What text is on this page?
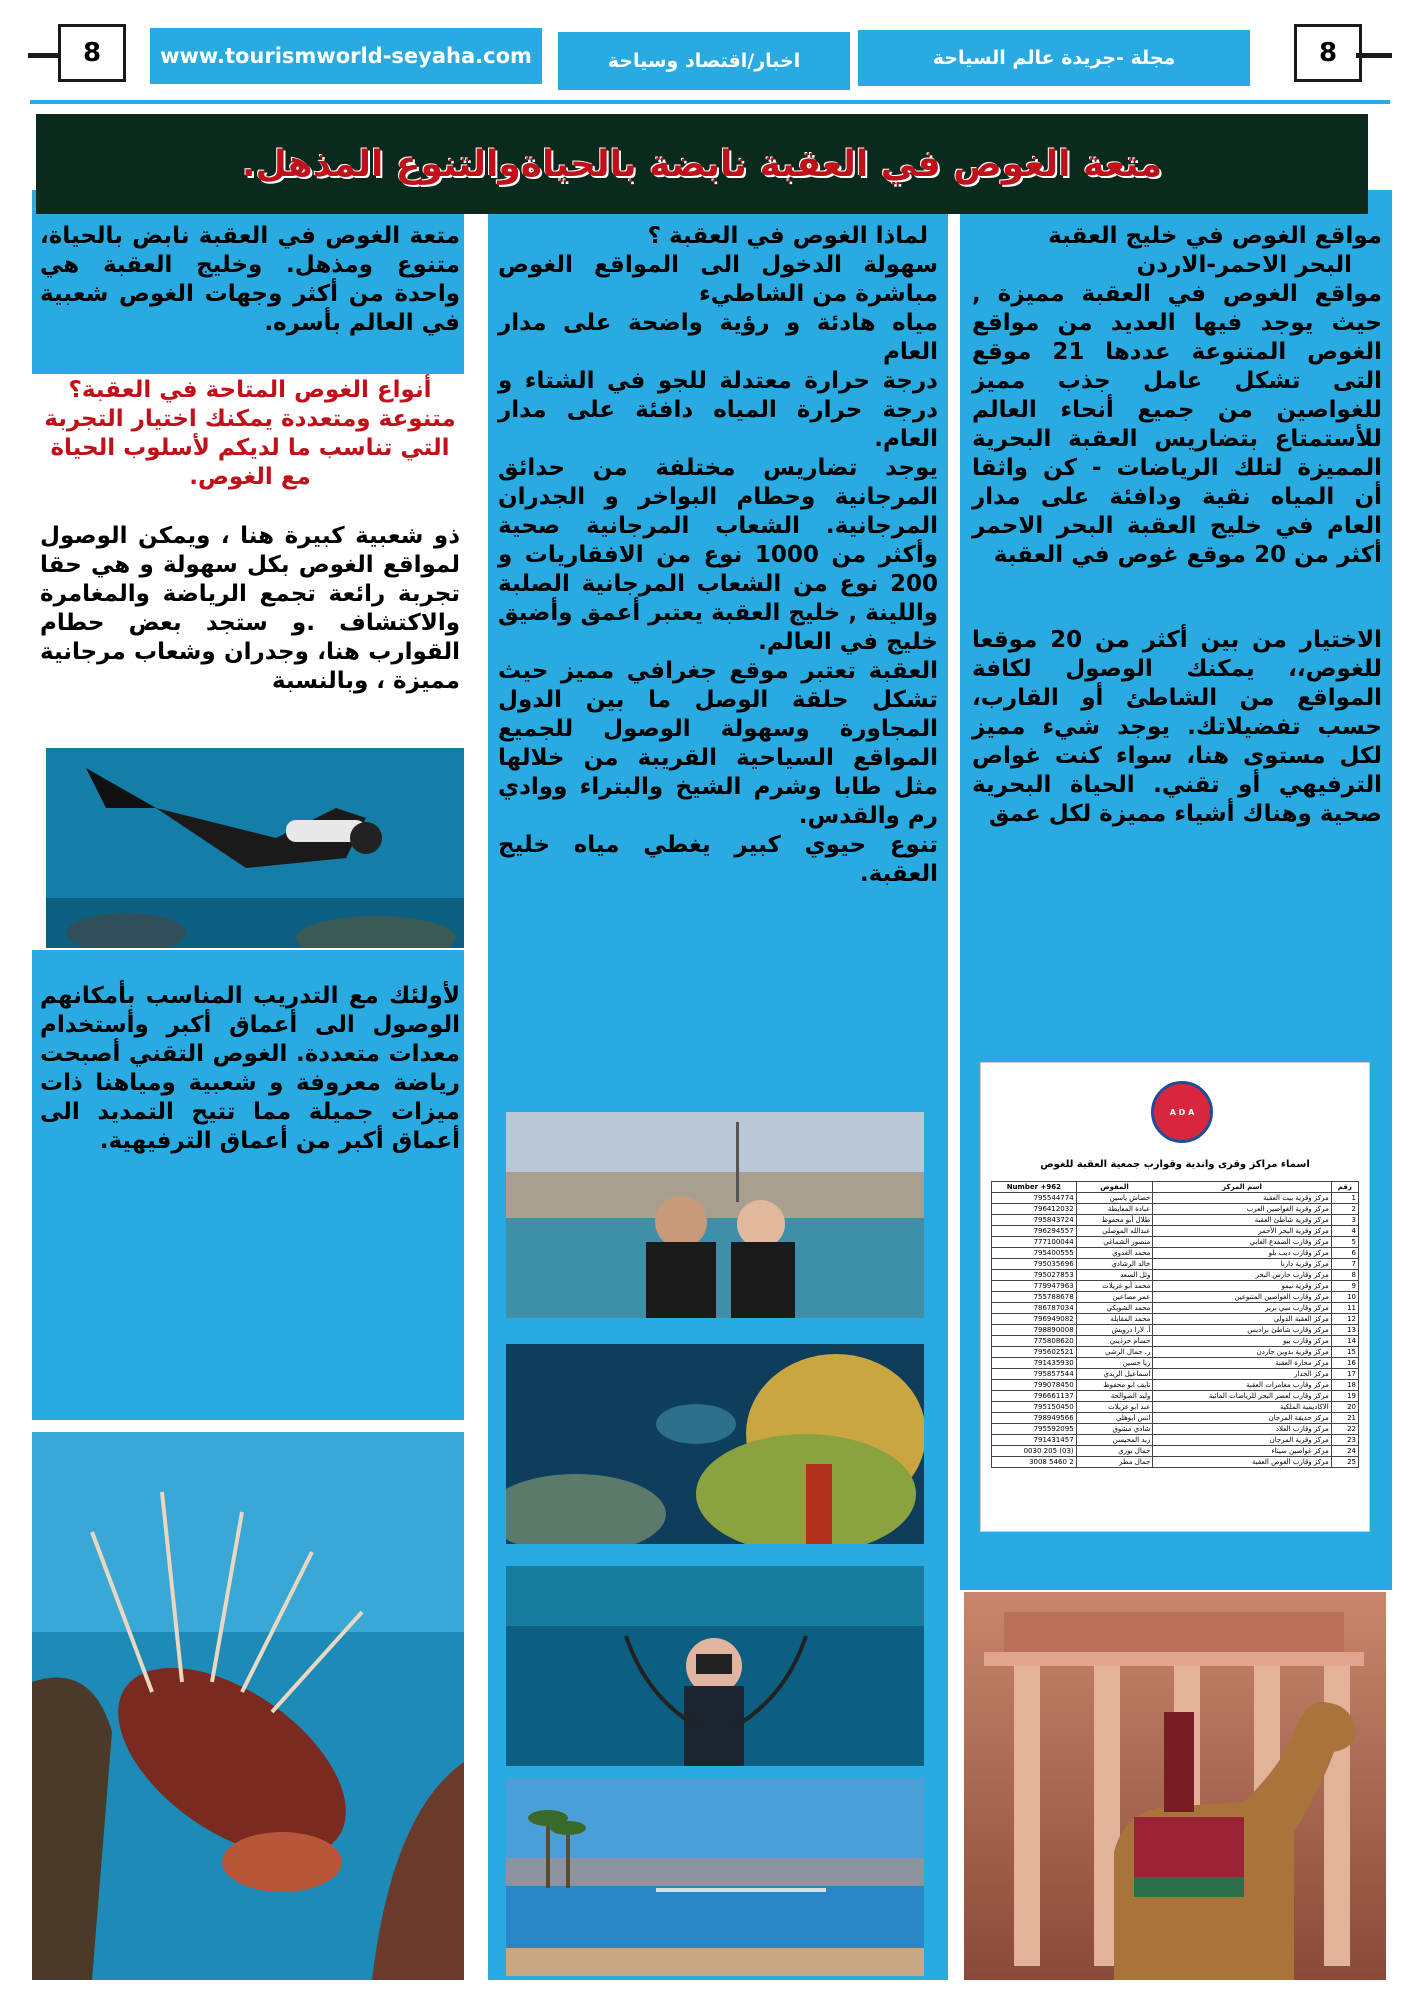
8	www.tourismworld-seyaha.com	اخبار/اقتصاد وسياحة	مجلة -جريدة عالم السياحة	8
متعة الغوص في العقبة نابضة بالحياةوالتنوع المذهل.
مواقع الغوص في خليج العقبة
البحر الاحمر-الاردن
مواقع الغوص في العقبة مميزة , حيث يوجد فيها العديد من مواقع الغوص المتنوعة عددها 21 موقع التى تشكل عامل جذب مميز للغواصين من جميع أنحاء العالم للأستمتاع بتضاريس العقبة البحرية المميزة لتلك الرياضات - كن واثقا أن المياه نقية ودافئة على مدار العام في خليج العقبة البحر الاحمر أكثر من 20 موقع غوص في العقبة
الاختيار من بين أكثر من 20 موقعا للغوص،، يمكنك الوصول لكافة المواقع من الشاطئ أو القارب، حسب تفضيلاتك. يوجد شيء مميز لكل مستوى هنا، سواء كنت غواص الترفيهي أو تقني. الحياة البحرية صحية وهناك أشياء مميزة لكل عمق
A D A
اسماء مراكز وقرى واندية وقوارب جمعية العقبة للغوص
رقم	اسم المركز	المفوض	Number +962
1	مركز وقرية بيت العقبة	خضاش ياسين	795544774
2	مركز وقرية الغواصين العرب	عبادة المعايطة	796412032
3	مركز وقرية شاطئ العقبة	طلال أبو محفوظ	795843724
4	مركز وقرية البحر الأحمر	عبدالله الموصلي	796294557
5	مركز وقارب الضفدع الغابي	منصور الشماغي	777100044
6	مركز وقارب ديب بلو	محمد الغدوي	795400555
7	مركز وقرية دارنا	خالد الرشادي	795035696
8	مركز وقارب حارس البحر	وئل السعد	795027853
9	مركز وقرية نيمو	محمد أبو غزيلات	779947963
10	مركز وقارب الغواصين المتنوعين	عمر مصاعين	755788678
11	مركز وقارب سي برير	محمد الشويكي	786787034
12	مركز العقبة الدولي	محمد المقابلة	796949082
13	مركز وقارب شاطئ براديس	أ. لارا درويش	798890008
14	مركز وقارب بيو	حسام حرذيني	775808620
15	مركز وقرية بدوين جاردن	ر. جمال الرشي	795602521
16	مركز محارة العقبة	ريا حسين	791435930
17	مركز الجدار	اسماعيل الريدي	795857544
18	مركز وقارب مغامرات العقبة	نايف ابو محفوظ	799078450
19	مركز وقارب لعصر البحر للرياضات المائية	وليد الصوالحة	796661137
20	الاكاديمية الملكية	عبد ابو غزيلات	795150450
21	مركز حديقة المرجان	انس ابوهلي	798949566
22	مركز وقارب العلاد	شادي مشوق	795592095
23	مركز وقرية المرجان	زيد المحيسن	791431457
24	مركز غواصين سيناء	جمال بوري	(03) 205 0030
25	مركز وقارب الغوص العقبة	جمال مطر	2 5460 3008
لماذا الغوص في العقبة ؟
سهولة الدخول الى المواقع الغوص مباشرة من الشاطيء
مياه هادئة و رؤية واضحة على مدار العام
درجة حرارة معتدلة للجو في الشتاء و درجة حرارة المياه دافئة على مدار العام.
يوجد تضاريس مختلفة من حدائق المرجانية وحطام البواخر و الجدران المرجانية. الشعاب المرجانية صحية وأكثر من 1000 نوع من الافقاريات و 200 نوع من الشعاب المرجانية الصلبة واللينة , خليج العقبة يعتبر أعمق وأضيق خليج في العالم.
العقبة تعتبر موقع جغرافي مميز حيث تشكل حلقة الوصل ما بين الدول المجاورة وسهولة الوصول للجميع المواقع السياحية القريبة من خلالها مثل طابا وشرم الشيخ والبتراء ووادي رم والقدس.
تنوع حيوي كبير يغطي مياه خليج العقبة.
متعة الغوص في العقبة نابض بالحياة، متنوع ومذهل. وخليج العقبة هي واحدة من أكثر وجهات الغوص شعبية في العالم بأسره.
أنواع الغوص المتاحة في العقبة؟ متنوعة ومتعددة يمكنك اختيار التجربة التي تناسب ما لديكم لأسلوب الحياة مع الغوص.
ذو شعبية كبيرة هنا ، ويمكن الوصول لمواقع الغوص بكل سهولة و هي حقا تجربة رائعة تجمع الرياضة والمغامرة والاكتشاف .و ستجد بعض حطام القوارب هنا، وجدران وشعاب مرجانية مميزة ، وبالنسبة
لأولئك مع التدريب المناسب بأمكانهم الوصول الى أعماق أكبر وأستخدام معدات متعددة. الغوص التقني أصبحت رياضة معروفة و شعبية ومياهنا ذات ميزات جميلة مما تتيح التمديد الى أعماق أكبر من أعماق الترفيهية.
